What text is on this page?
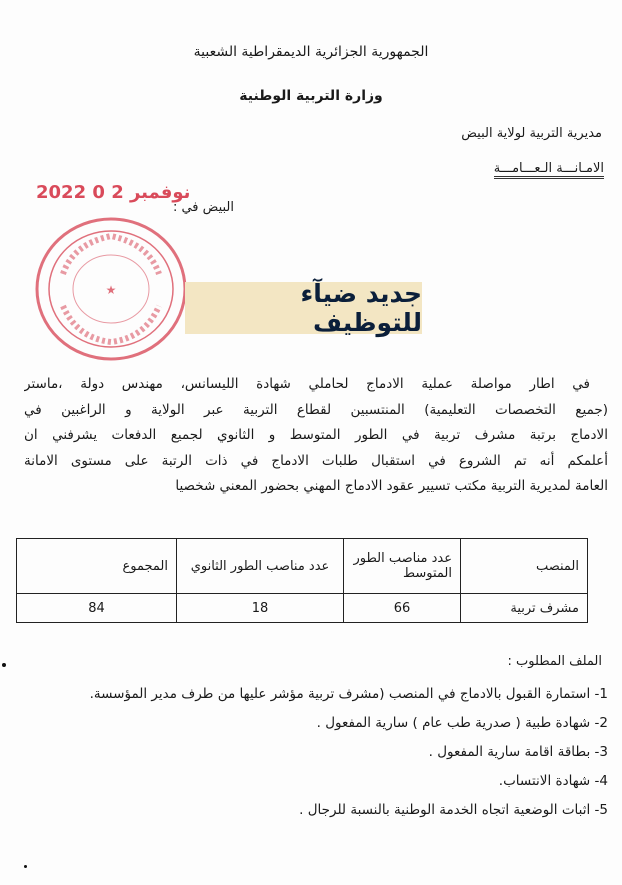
الجمهورية الجزائرية الديمقراطية الشعبية
وزارة التربية الوطنية
مديرية التربية لولاية البيض
الامـانـــة الـعـــامـــة
البيض في :
2022 نوفمبر 2 0
★	جديد ضيآء للتوظيف
في اطار مواصلة عملية الادماج لحاملي شهادة الليسانس، مهندس دولة ،ماستر
(جميع التخصصات التعليمية) المنتسبين لقطاع التربية عبر الولاية و الراغبين في
الادماج برتبة مشرف تربية في الطور المتوسط و الثانوي لجميع الدفعات يشرفني ان
أعلمكم أنه تم الشروع في استقبال طلبات الادماج في ذات الرتبة على مستوى الامانة
العامة لمديرية التربية مكتب تسيير عقود الادماج المهني بحضور المعني شخصيا
المنصب	عدد مناصب الطور المتوسط	عدد مناصب الطور الثانوي	المجموع
مشرف تربية	66	18	84
الملف المطلوب :
1- استمارة القبول بالادماج في المنصب (مشرف تربية مؤشر عليها من طرف مدير المؤسسة.
2- شهادة طبية ( صدرية طب عام ) سارية المفعول .
3- بطاقة اقامة سارية المفعول .
4- شهادة الانتساب.
5- اثبات الوضعية اتجاه الخدمة الوطنية بالنسبة للرجال .
